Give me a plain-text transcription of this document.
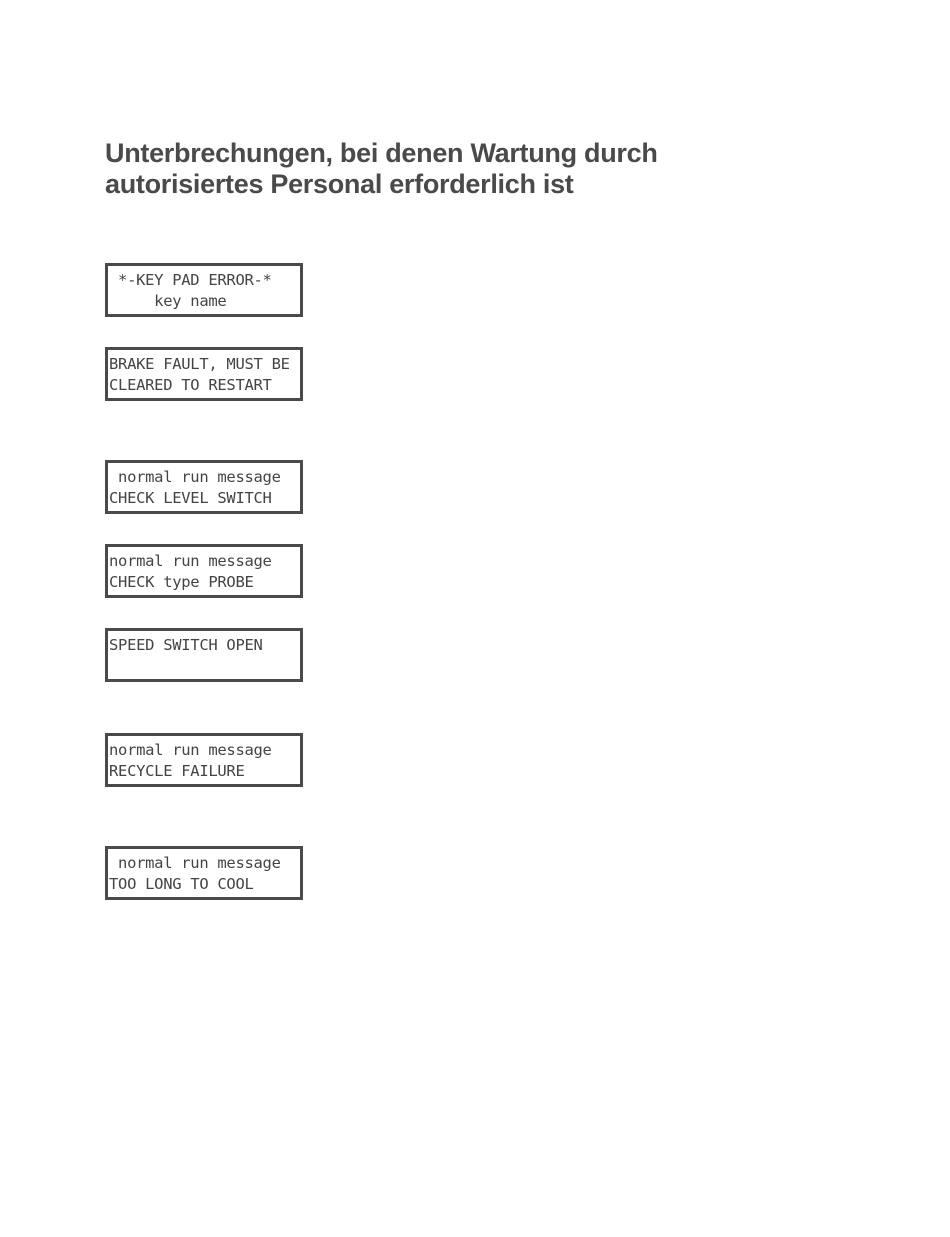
Unterbrechungen, bei denen Wartung durch
autorisiertes Personal erforderlich ist
*-KEY PAD ERROR-*
key name
BRAKE FAULT, MUST BE
CLEARED TO RESTART
normal run message
CHECK LEVEL SWITCH
normal run message
CHECK type PROBE
SPEED SWITCH OPEN
normal run message
RECYCLE FAILURE
normal run message
TOO LONG TO COOL
